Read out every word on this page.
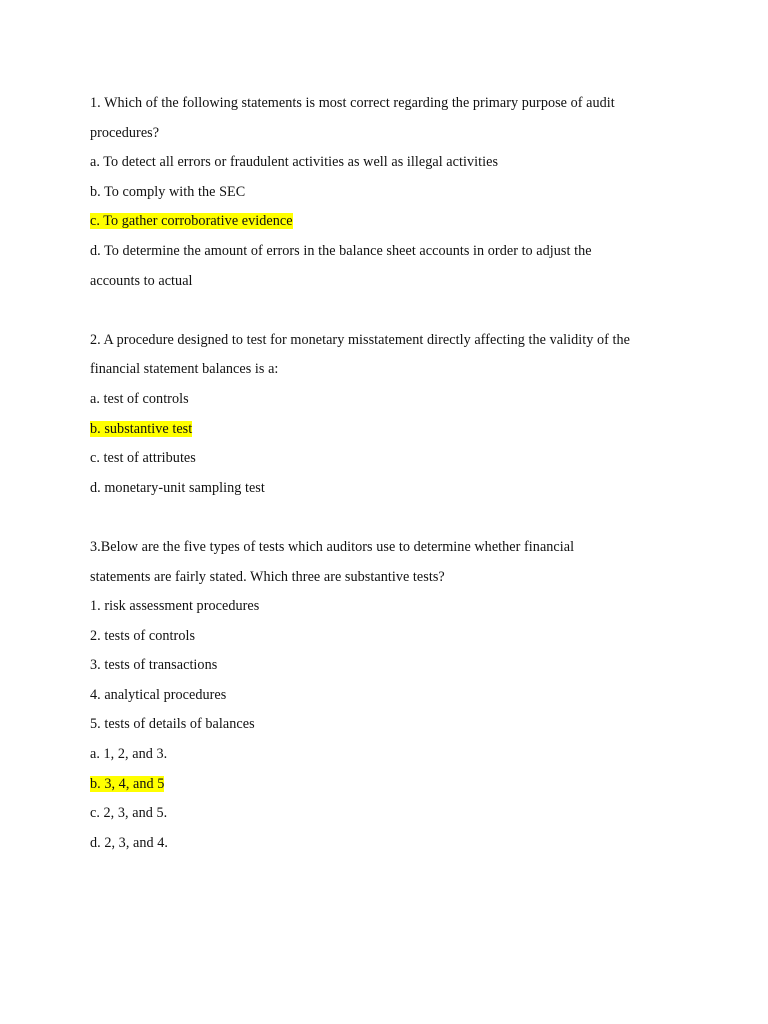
1. Which of the following statements is most correct regarding the primary purpose of audit
procedures?
a. To detect all errors or fraudulent activities as well as illegal activities
b. To comply with the SEC
c. To gather corroborative evidence
d. To determine the amount of errors in the balance sheet accounts in order to adjust the
accounts to actual
2. A procedure designed to test for monetary misstatement directly affecting the validity of the
financial statement balances is a:
a. test of controls
b. substantive test
c. test of attributes
d. monetary-unit sampling test
3.Below are the five types of tests which auditors use to determine whether financial
statements are fairly stated. Which three are substantive tests?
1. risk assessment procedures
2. tests of controls
3. tests of transactions
4. analytical procedures
5. tests of details of balances
a. 1, 2, and 3.
b. 3, 4, and 5
c. 2, 3, and 5.
d. 2, 3, and 4.
